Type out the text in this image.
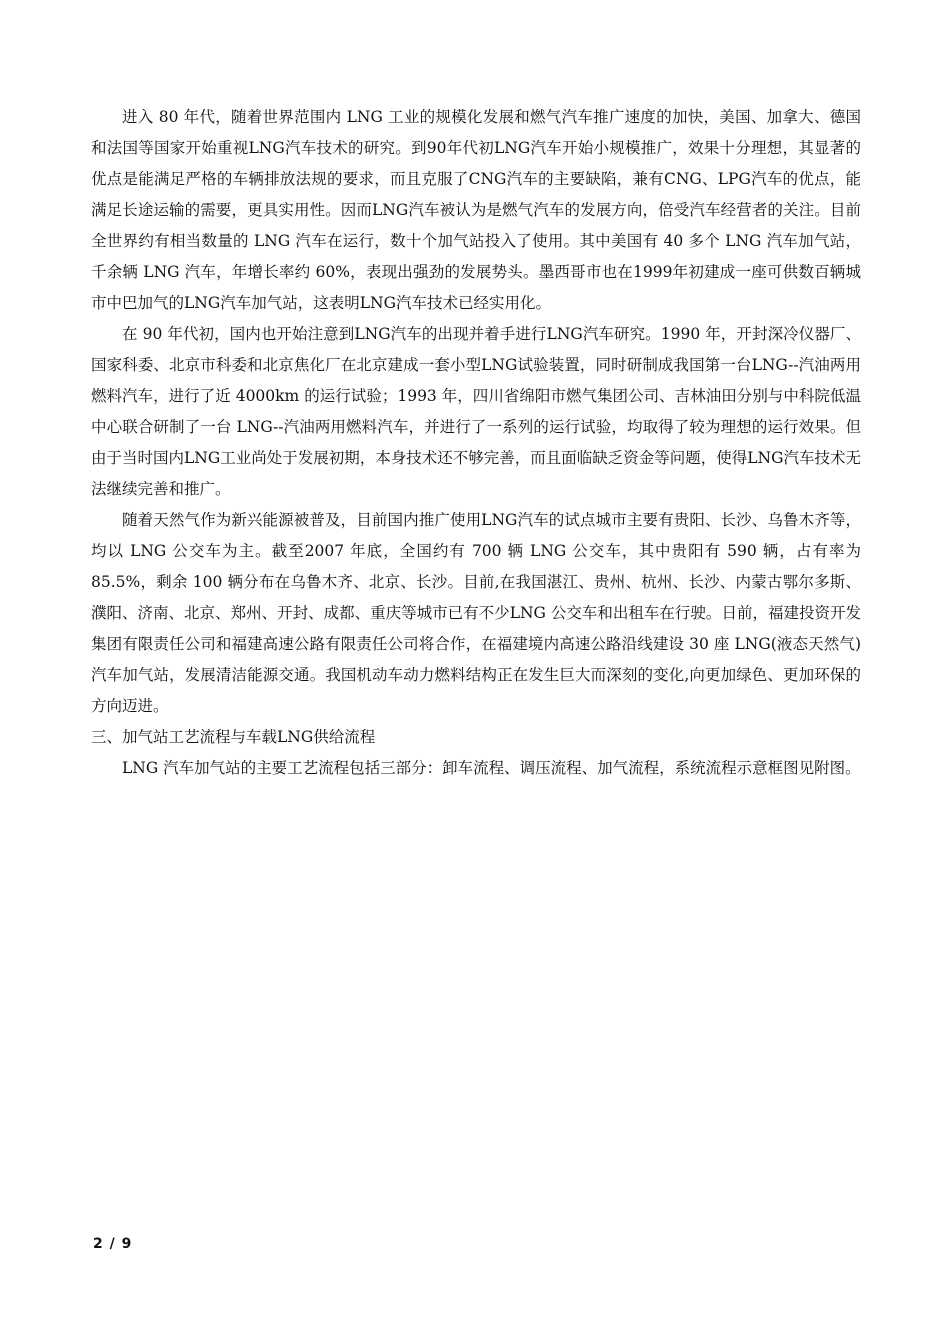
进入 80 年代，随着世界范围内 LNG 工业的规模化发展和燃气汽车推广速度的加快，美国、加拿大、德国和法国等国家开始重视LNG汽车技术的研究。到90年代初LNG汽车开始小规模推广，效果十分理想，其显著的优点是能满足严格的车辆排放法规的要求，而且克服了CNG汽车的主要缺陷，兼有CNG、LPG汽车的优点，能满足长途运输的需要，更具实用性。因而LNG汽车被认为是燃气汽车的发展方向，倍受汽车经营者的关注。目前全世界约有相当数量的 LNG 汽车在运行，数十个加气站投入了使用。其中美国有 40 多个 LNG 汽车加气站，千余辆 LNG 汽车，年增长率约 60%，表现出强劲的发展势头。墨西哥市也在1999年初建成一座可供数百辆城市中巴加气的LNG汽车加气站，这表明LNG汽车技术已经实用化。

在 90 年代初，国内也开始注意到LNG汽车的出现并着手进行LNG汽车研究。1990 年，开封深冷仪器厂、国家科委、北京市科委和北京焦化厂在北京建成一套小型LNG试验装置，同时研制成我国第一台LNG--汽油两用燃料汽车，进行了近 4000km 的运行试验；1993 年，四川省绵阳市燃气集团公司、吉林油田分别与中科院低温中心联合研制了一台 LNG--汽油两用燃料汽车，并进行了一系列的运行试验，均取得了较为理想的运行效果。但由于当时国内LNG工业尚处于发展初期，本身技术还不够完善，而且面临缺乏资金等问题，使得LNG汽车技术无法继续完善和推广。

随着天然气作为新兴能源被普及，目前国内推广使用LNG汽车的试点城市主要有贵阳、长沙、乌鲁木齐等，均以 LNG 公交车为主。截至2007 年底，全国约有 700 辆 LNG 公交车，其中贵阳有 590 辆，占有率为 85.5%，剩余 100 辆分布在乌鲁木齐、北京、长沙。目前,在我国湛江、贵州、杭州、长沙、内蒙古鄂尔多斯、濮阳、济南、北京、郑州、开封、成都、重庆等城市已有不少LNG 公交车和出租车在行驶。日前，福建投资开发集团有限责任公司和福建高速公路有限责任公司将合作，在福建境内高速公路沿线建设 30 座 LNG(液态天然气)汽车加气站，发展清洁能源交通。我国机动车动力燃料结构正在发生巨大而深刻的变化,向更加绿色、更加环保的方向迈进。

三、加气站工艺流程与车载LNG供给流程

LNG 汽车加气站的主要工艺流程包括三部分：卸车流程、调压流程、加气流程，系统流程示意框图见附图。

2 / 9
